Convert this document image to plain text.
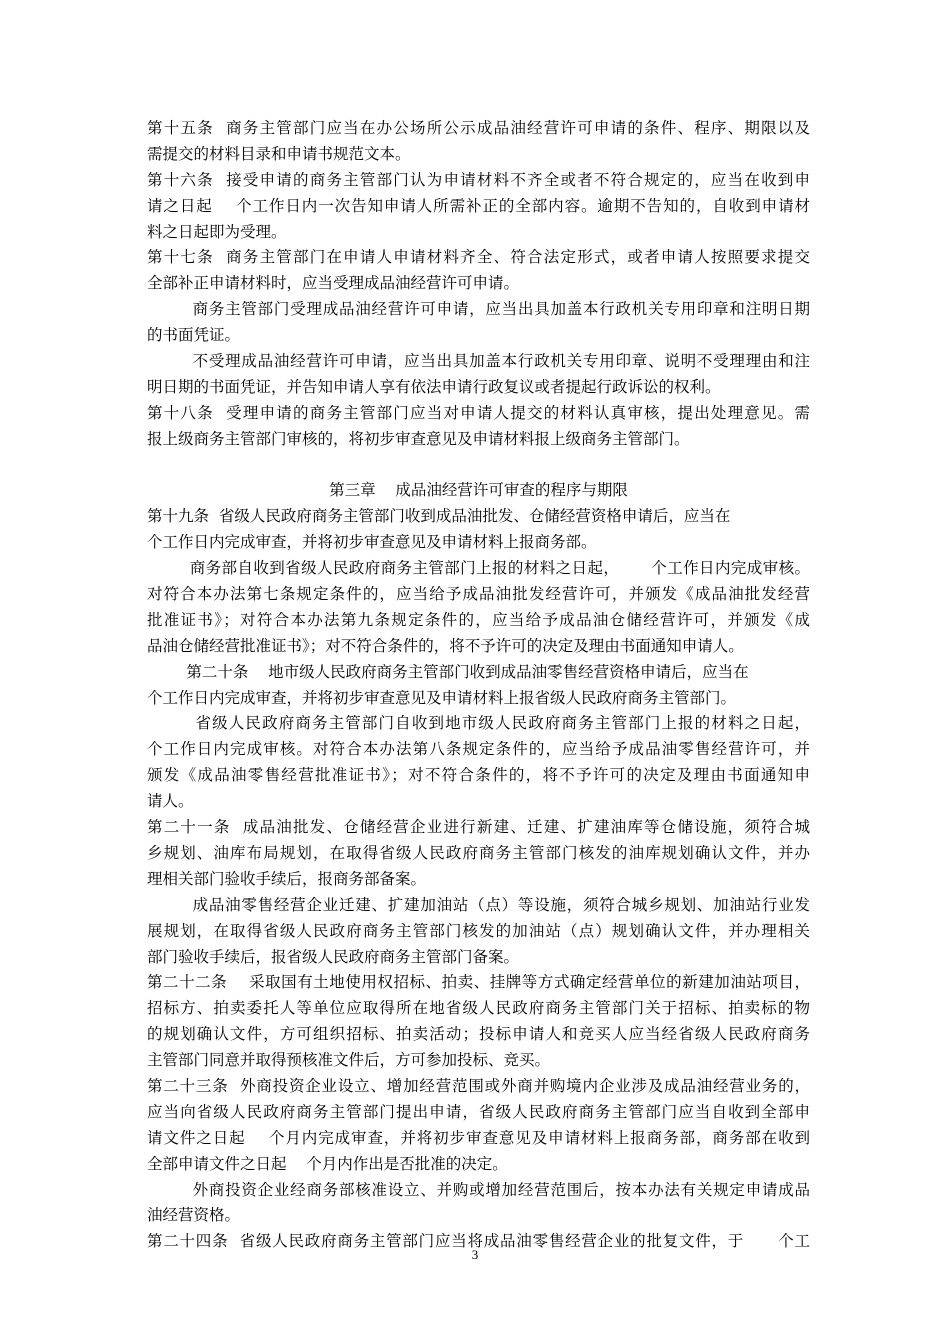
第十五条  商务主管部门应当在办公场所公示成品油经营许可申请的条件、程序、期限以及
需提交的材料目录和申请书规范文本。
第十六条  接受申请的商务主管部门认为申请材料不齐全或者不符合规定的，应当在收到申
请之日起    个工作日内一次告知申请人所需补正的全部内容。逾期不告知的，自收到申请材
料之日起即为受理。
第十七条  商务主管部门在申请人申请材料齐全、符合法定形式，或者申请人按照要求提交
全部补正申请材料时，应当受理成品油经营许可申请。
商务主管部门受理成品油经营许可申请，应当出具加盖本行政机关专用印章和注明日期
的书面凭证。
不受理成品油经营许可申请，应当出具加盖本行政机关专用印章、说明不受理理由和注
明日期的书面凭证，并告知申请人享有依法申请行政复议或者提起行政诉讼的权利。
第十八条  受理申请的商务主管部门应当对申请人提交的材料认真审核，提出处理意见。需
报上级商务主管部门审核的，将初步审查意见及申请材料报上级商务主管部门。
第三章    成品油经营许可审查的程序与期限
第十九条  省级人民政府商务主管部门收到成品油批发、仓储经营资格申请后，应当在
个工作日内完成审查，并将初步审查意见及申请材料上报商务部。
商务部自收到省级人民政府商务主管部门上报的材料之日起，      个工作日内完成审核。
对符合本办法第七条规定条件的，应当给予成品油批发经营许可，并颁发《成品油批发经营
批准证书》；对符合本办法第九条规定条件的，应当给予成品油仓储经营许可，并颁发《成
品油仓储经营批准证书》；对不符合条件的，将不予许可的决定及理由书面通知申请人。
第二十条    地市级人民政府商务主管部门收到成品油零售经营资格申请后，应当在
个工作日内完成审查，并将初步审查意见及申请材料上报省级人民政府商务主管部门。
省级人民政府商务主管部门自收到地市级人民政府商务主管部门上报的材料之日起，
个工作日内完成审核。对符合本办法第八条规定条件的，应当给予成品油零售经营许可，并
颁发《成品油零售经营批准证书》；对不符合条件的，将不予许可的决定及理由书面通知申
请人。
第二十一条  成品油批发、仓储经营企业进行新建、迁建、扩建油库等仓储设施，须符合城
乡规划、油库布局规划，在取得省级人民政府商务主管部门核发的油库规划确认文件，并办
理相关部门验收手续后，报商务部备案。
成品油零售经营企业迁建、扩建加油站（点）等设施，须符合城乡规划、加油站行业发
展规划，在取得省级人民政府商务主管部门核发的加油站（点）规划确认文件，并办理相关
部门验收手续后，报省级人民政府商务主管部门备案。
第二十二条    采取国有土地使用权招标、拍卖、挂牌等方式确定经营单位的新建加油站项目，
招标方、拍卖委托人等单位应取得所在地省级人民政府商务主管部门关于招标、拍卖标的物
的规划确认文件，方可组织招标、拍卖活动；投标申请人和竞买人应当经省级人民政府商务
主管部门同意并取得预核准文件后，方可参加投标、竞买。
第二十三条  外商投资企业设立、增加经营范围或外商并购境内企业涉及成品油经营业务的，
应当向省级人民政府商务主管部门提出申请，省级人民政府商务主管部门应当自收到全部申
请文件之日起    个月内完成审查，并将初步审查意见及申请材料上报商务部，商务部在收到
全部申请文件之日起    个月内作出是否批准的决定。
外商投资企业经商务部核准设立、并购或增加经营范围后，按本办法有关规定申请成品
油经营资格。
第二十四条  省级人民政府商务主管部门应当将成品油零售经营企业的批复文件，于      个工
3
